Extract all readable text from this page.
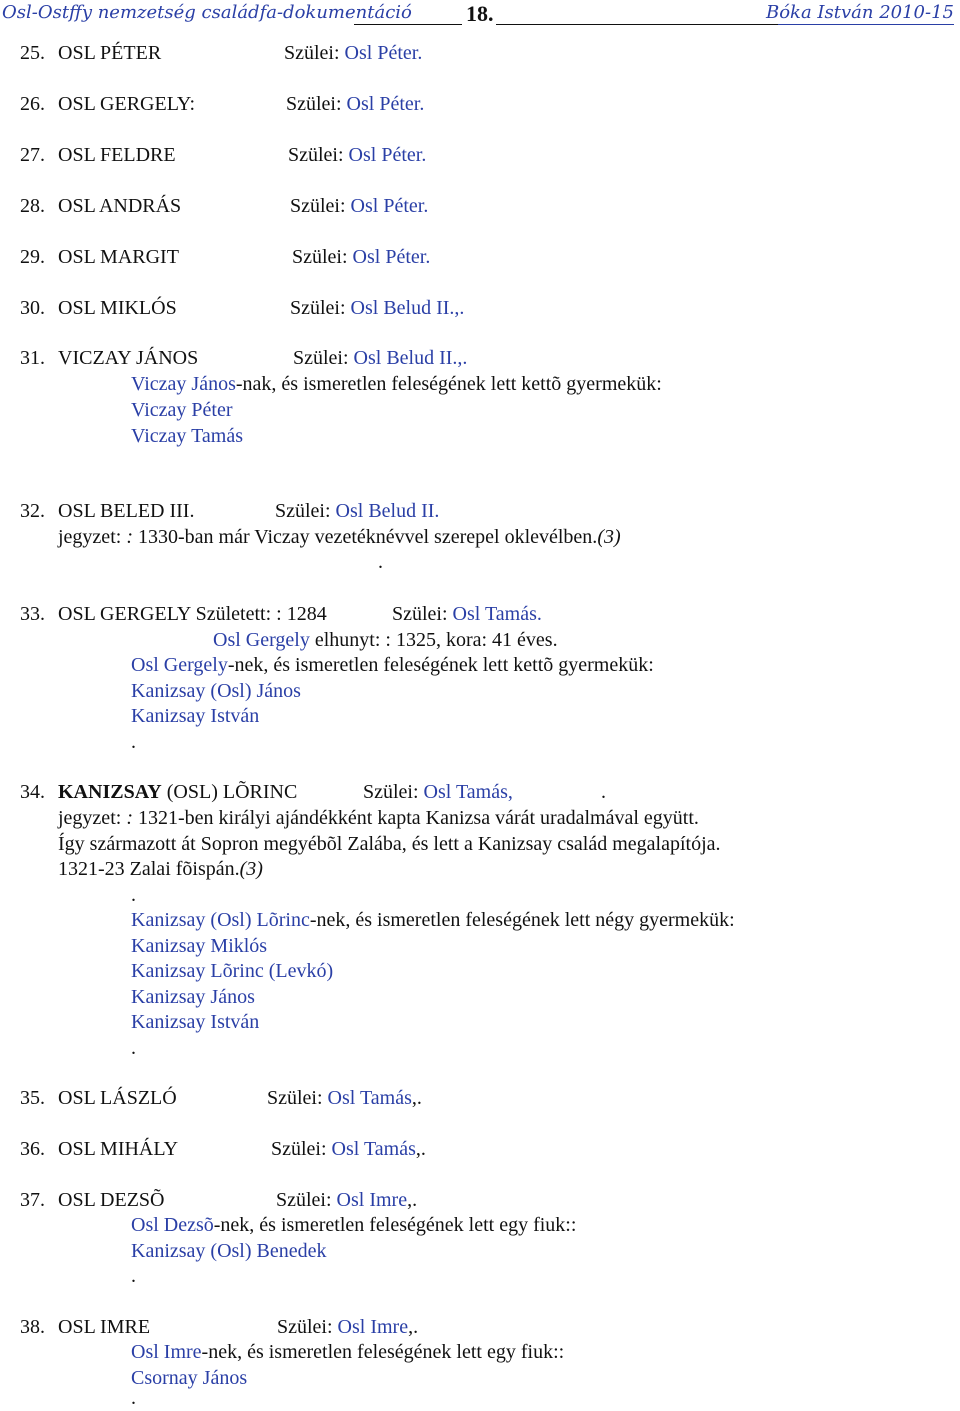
Osl-Ostffy nemzetség családfa-dokumentáció 18.	Bóka István 2010-15
25. OSL PÉTER	Szülei: Osl Péter.
26. OSL GERGELY:	Szülei: Osl Péter.
27. OSL FELDRE	Szülei: Osl Péter.
28. OSL ANDRÁS	Szülei: Osl Péter.
29. OSL MARGIT	Szülei: Osl Péter.
30. OSL MIKLÓS	Szülei: Osl Belud II.,.
31. VICZAY JÁNOS	Szülei: Osl Belud II.,.
Viczay János-nak, és ismeretlen feleségének lett kettõ gyermekük:
Viczay Péter
Viczay Tamás
32. OSL BELED III.	Szülei: Osl Belud II.
jegyzet: : 1330-ban már Viczay vezetéknévvel szerepel oklevélben.(3)
.
33. OSL GERGELY Született: : 1284	Szülei: Osl Tamás.
Osl Gergely elhunyt: : 1325, kora: 41 éves.
Osl Gergely-nek, és ismeretlen feleségének lett kettõ gyermekük:
Kanizsay (Osl) János
Kanizsay István
.
34. KANIZSAY (OSL) LÕRINC	Szülei: Osl Tamás,	.
jegyzet: : 1321-ben királyi ajándékként kapta Kanizsa várát uradalmával együtt.
Így származott át Sopron megyébõl Zalába, és lett a Kanizsay család megalapítója.
1321-23 Zalai fõispán.(3)
.
Kanizsay (Osl) Lõrinc-nek, és ismeretlen feleségének lett négy gyermekük:
Kanizsay Miklós
Kanizsay Lõrinc (Levkó)
Kanizsay János
Kanizsay István
.
35. OSL LÁSZLÓ	Szülei: Osl Tamás,.
36. OSL MIHÁLY	Szülei: Osl Tamás,.
37. OSL DEZSÕ	Szülei: Osl Imre,.
Osl Dezsõ-nek, és ismeretlen feleségének lett egy fiuk::
Kanizsay (Osl) Benedek
.
38. OSL IMRE	Szülei: Osl Imre,.
Osl Imre-nek, és ismeretlen feleségének lett egy fiuk::
Csornay János
.
